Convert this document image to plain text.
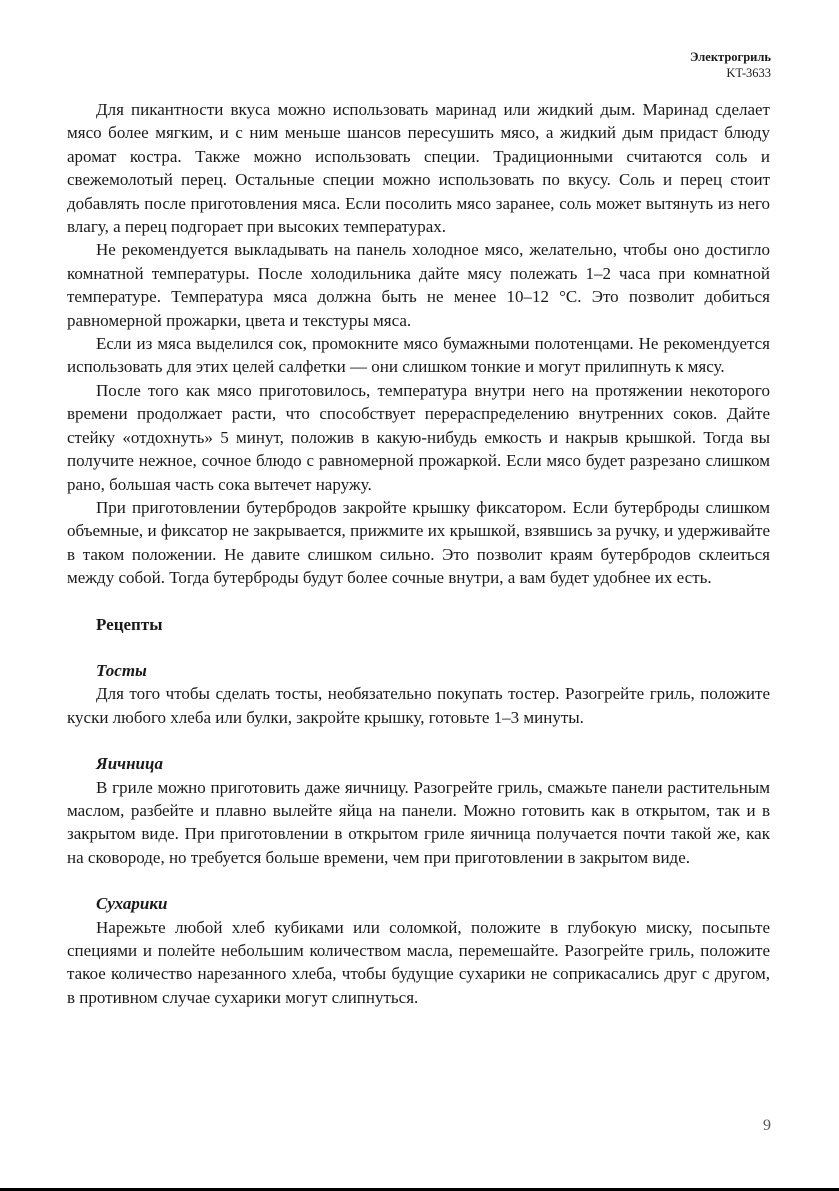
Электрогриль
KT-3633

Для пикантности вкуса можно использовать маринад или жидкий дым. Маринад сделает мясо более мягким, и с ним меньше шансов пересушить мясо, а жидкий дым придаст блюду аромат костра. Также можно использовать специи. Традиционными считаются соль и свежемолотый перец. Остальные специи можно использовать по вкусу. Соль и перец стоит добавлять после приготовления мяса. Если посолить мясо заранее, соль может вытянуть из него влагу, а перец подгорает при высоких температурах.

Не рекомендуется выкладывать на панель холодное мясо, желательно, чтобы оно достигло комнатной температуры. После холодильника дайте мясу полежать 1–2 часа при комнатной температуре. Температура мяса должна быть не менее 10–12 °С. Это позволит добиться равномерной прожарки, цвета и текстуры мяса.

Если из мяса выделился сок, промокните мясо бумажными полотенцами. Не рекомендуется использовать для этих целей салфетки — они слишком тонкие и могут прилипнуть к мясу.

После того как мясо приготовилось, температура внутри него на протяжении некоторого времени продолжает расти, что способствует перераспределению внутренних соков. Дайте стейку «отдохнуть» 5 минут, положив в какую-нибудь емкость и накрыв крышкой. Тогда вы получите нежное, сочное блюдо с равномерной прожаркой. Если мясо будет разрезано слишком рано, большая часть сока вытечет наружу.

При приготовлении бутербродов закройте крышку фиксатором. Если бутерброды слишком объемные, и фиксатор не закрывается, прижмите их крышкой, взявшись за ручку, и удерживайте в таком положении. Не давите слишком сильно. Это позволит краям бутербродов склеиться между собой. Тогда бутерброды будут более сочные внутри, а вам будет удобнее их есть.

Рецепты
Тосты

Для того чтобы сделать тосты, необязательно покупать тостер. Разогрейте гриль, положите куски любого хлеба или булки, закройте крышку, готовьте 1–3 минуты.

Яичница

В гриле можно приготовить даже яичницу. Разогрейте гриль, смажьте панели растительным маслом, разбейте и плавно вылейте яйца на панели. Можно готовить как в открытом, так и в закрытом виде. При приготовлении в открытом гриле яичница получается почти такой же, как на сковороде, но требуется больше времени, чем при приготовлении в закрытом виде.

Сухарики

Нарежьте любой хлеб кубиками или соломкой, положите в глубокую миску, посыпьте специями и полейте небольшим количеством масла, перемешайте. Разогрейте гриль, положите такое количество нарезанного хлеба, чтобы будущие сухарики не соприкасались друг с другом, в противном случае сухарики могут слипнуться.

9
